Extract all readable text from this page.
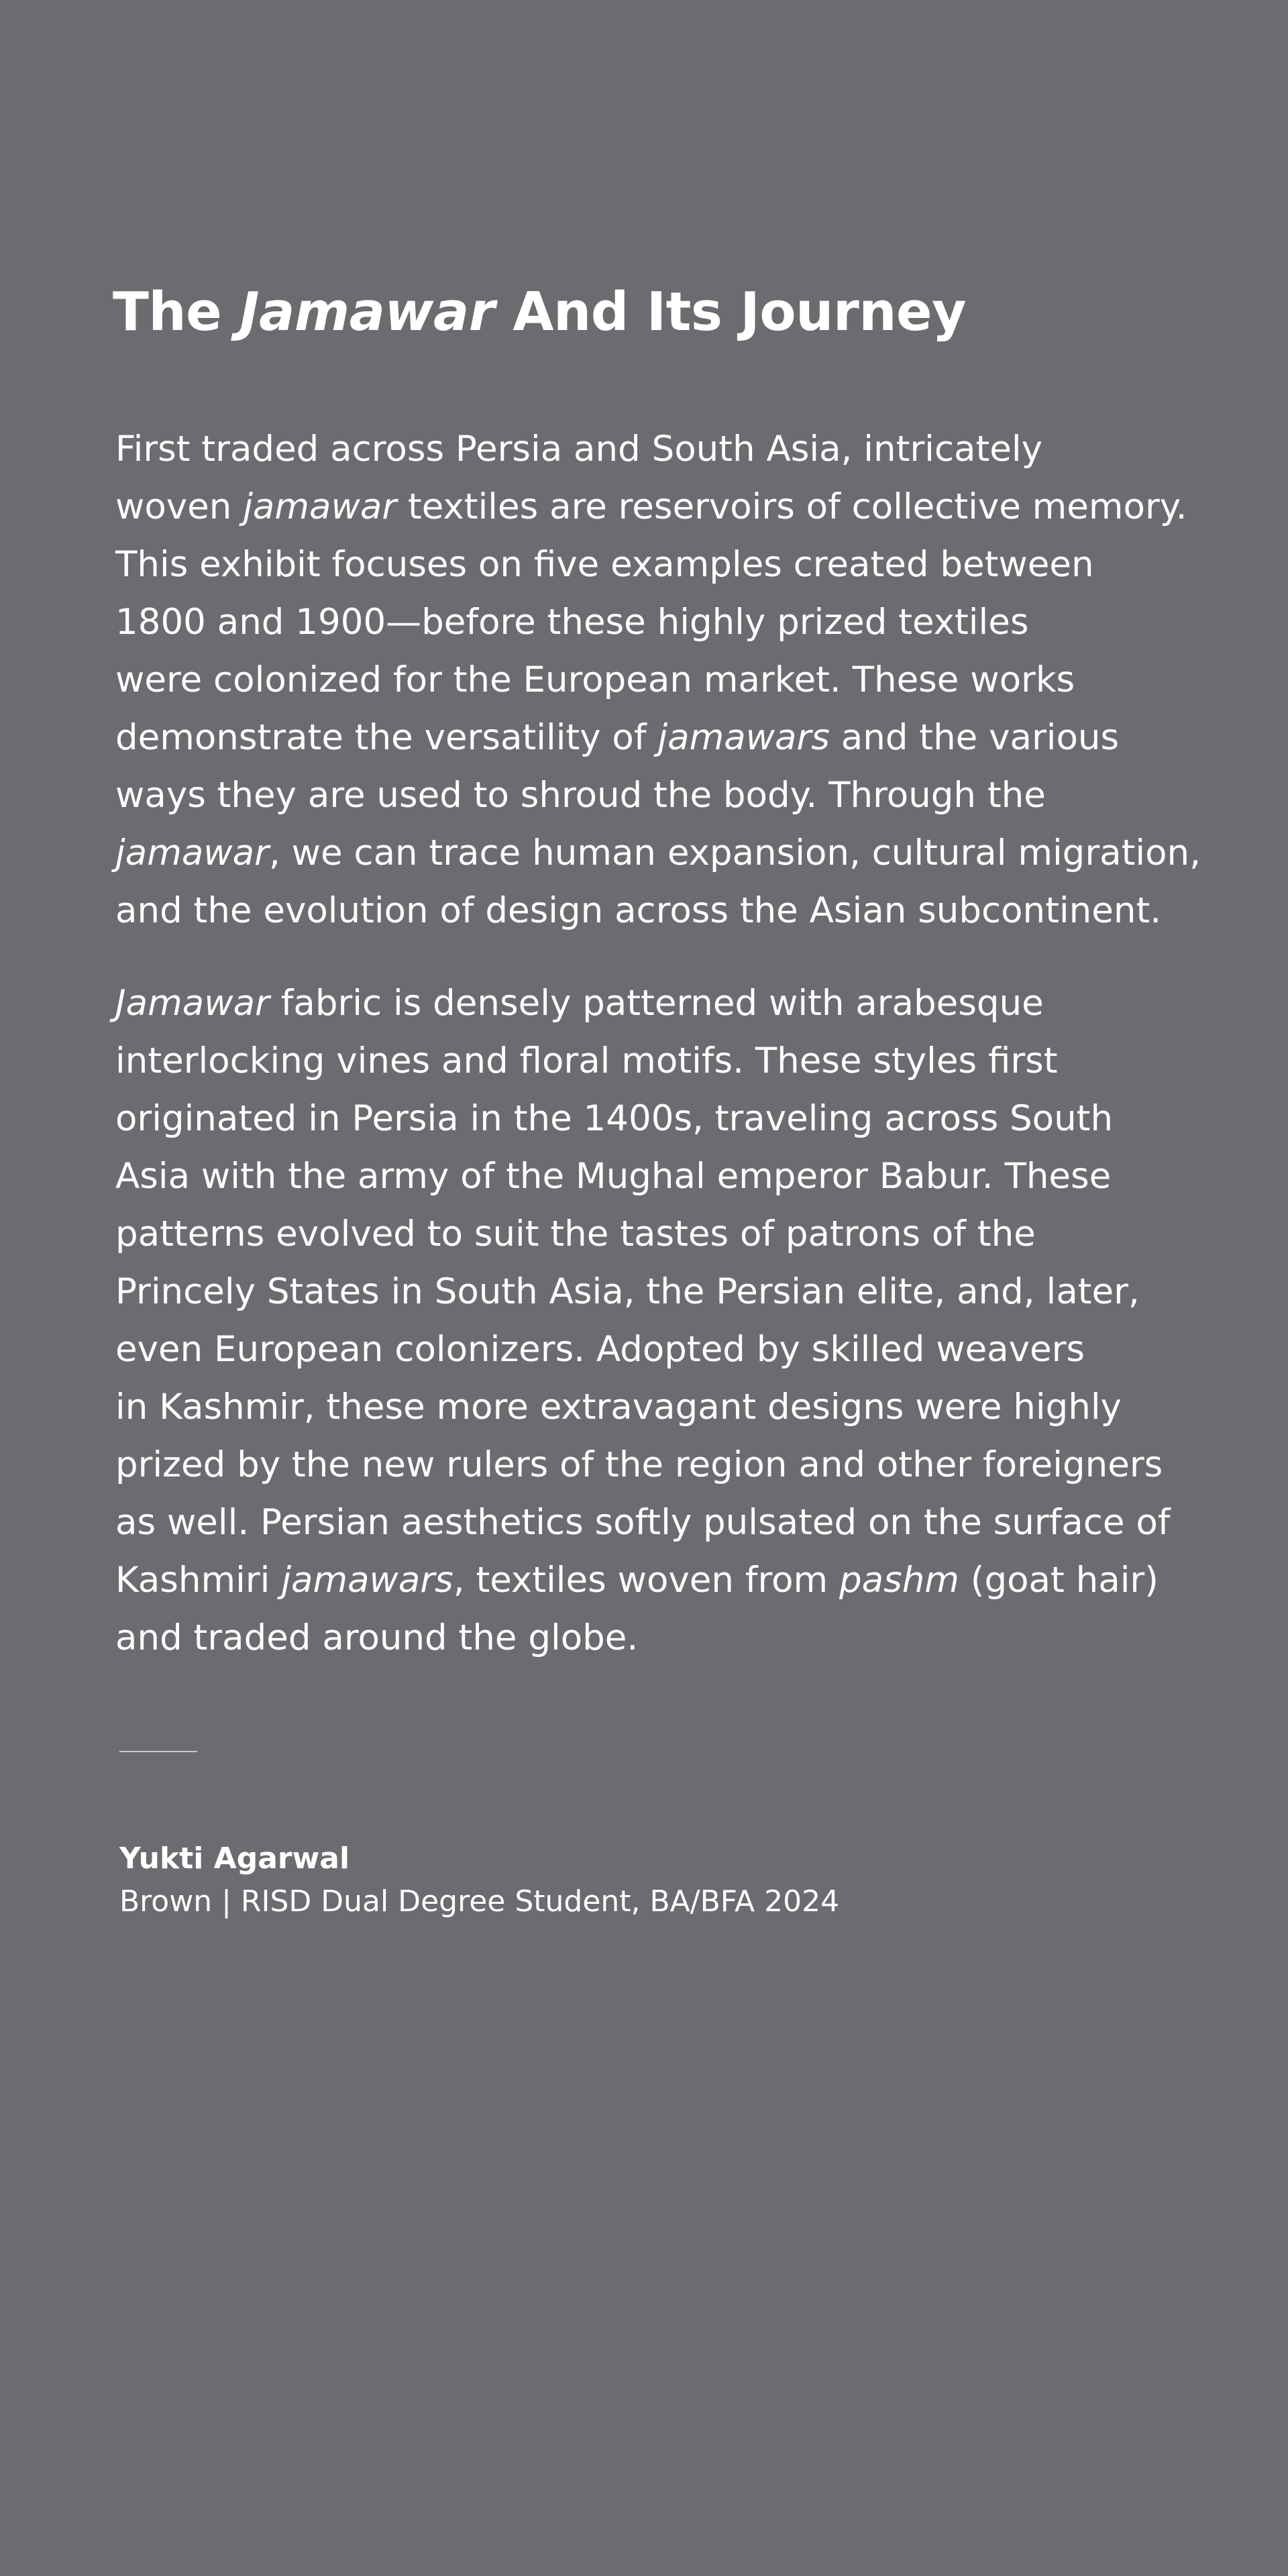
The Jamawar And Its Journey

First traded across Persia and South Asia, intricately
woven jamawar textiles are reservoirs of collective memory.
This exhibit focuses on five examples created between
1800 and 1900—before these highly prized textiles
were colonized for the European market. These works
demonstrate the versatility of jamawars and the various
ways they are used to shroud the body. Through the
jamawar, we can trace human expansion, cultural migration,
and the evolution of design across the Asian subcontinent.

Jamawar fabric is densely patterned with arabesque
interlocking vines and floral motifs. These styles first
originated in Persia in the 1400s, traveling across South
Asia with the army of the Mughal emperor Babur. These
patterns evolved to suit the tastes of patrons of the
Princely States in South Asia, the Persian elite, and, later,
even European colonizers. Adopted by skilled weavers
in Kashmir, these more extravagant designs were highly
prized by the new rulers of the region and other foreigners
as well. Persian aesthetics softly pulsated on the surface of
Kashmiri jamawars, textiles woven from pashm (goat hair)
and traded around the globe.

Yukti Agarwal

Brown | RISD Dual Degree Student, BA/BFA 2024
